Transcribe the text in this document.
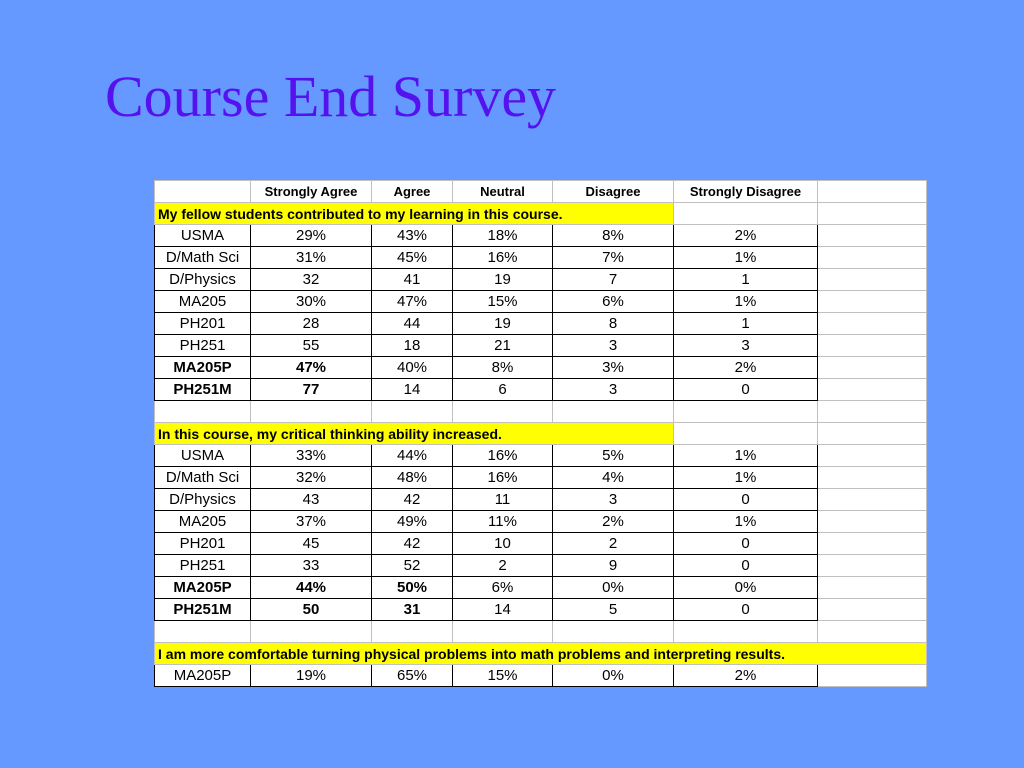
Course End Survey
	Strongly Agree	Agree	Neutral	Disagree	Strongly Disagree	
My fellow students contributed to my learning in this course.						
USMA	29%	43%	18%	8%	2%	
D/Math Sci	31%	45%	16%	7%	1%	
D/Physics	32	41	19	7	1	
MA205	30%	47%	15%	6%	1%	
PH201	28	44	19	8	1	
PH251	55	18	21	3	3	
MA205P	47%	40%	8%	3%	2%	
PH251M	77	14	6	3	0	

In this course, my critical thinking ability increased.						
USMA	33%	44%	16%	5%	1%	
D/Math Sci	32%	48%	16%	4%	1%	
D/Physics	43	42	11	3	0	
MA205	37%	49%	11%	2%	1%	
PH201	45	42	10	2	0	
PH251	33	52	2	9	0	
MA205P	44%	50%	6%	0%	0%	
PH251M	50	31	14	5	0	

I am more comfortable turning physical problems into math problems and interpreting results.						
MA205P	19%	65%	15%	0%	2%	
